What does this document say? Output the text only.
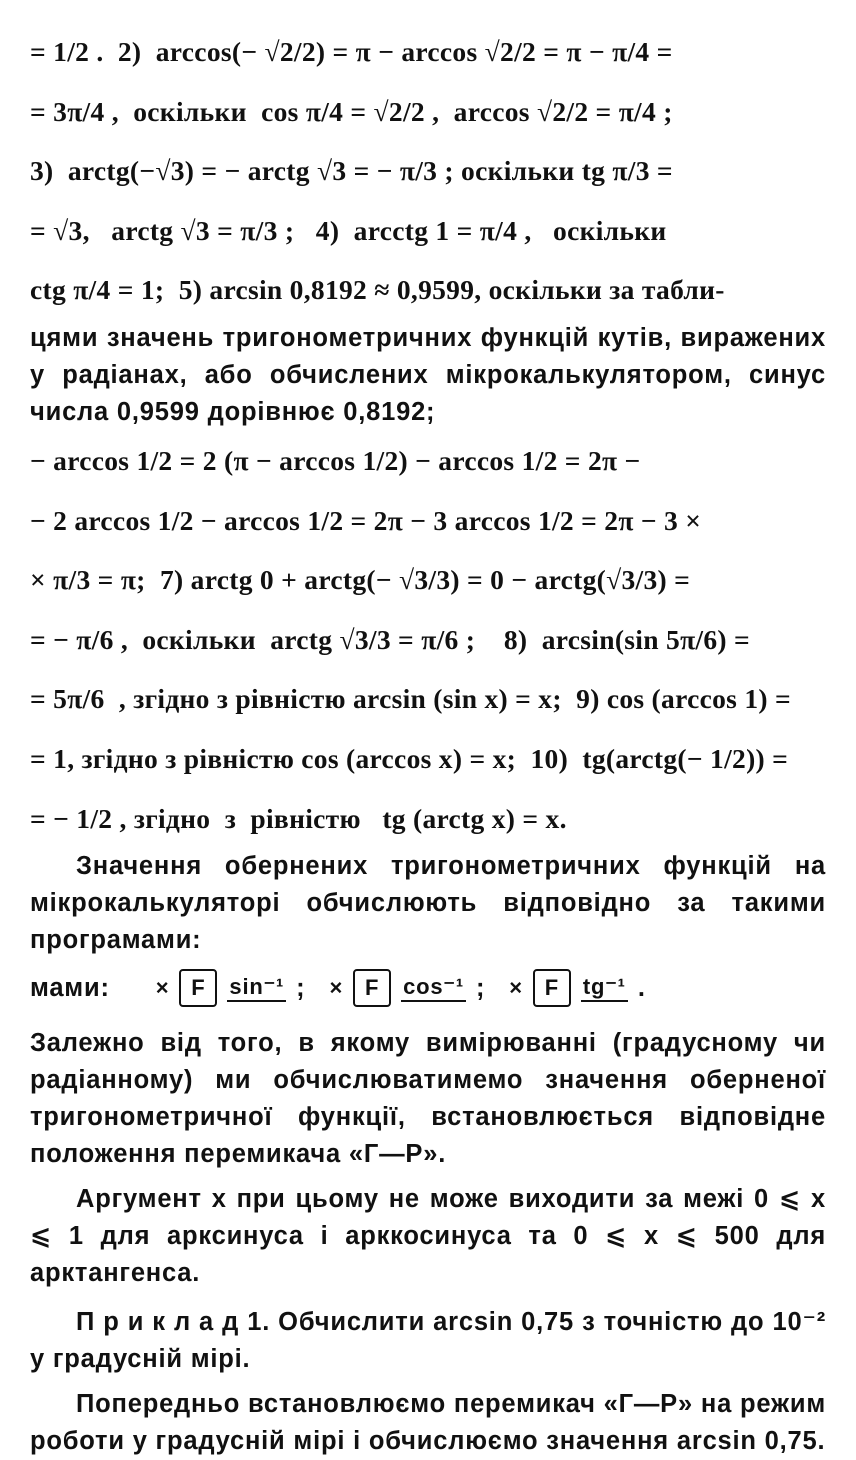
= 1/2 .  2)  arccos(− √2/2) = π − arccos √2/2 = π − π/4 =
= 3π/4 ,  оскільки  cos π/4 = √2/2 ,  arccos √2/2 = π/4 ;
3)  arctg(−√3) = − arctg √3 = − π/3 ; оскільки tg π/3 =
= √3,   arctg √3 = π/3 ;   4)  arcctg 1 = π/4 ,   оскільки
ctg π/4 = 1;  5) arcsin 0,8192 ≈ 0,9599, оскільки за табли-

цями значень тригонометричних функцій кутів, виражених у радіанах, або обчислених мікрокалькулятором, синус числа 0,9599 дорівнює 0,8192;

− arccos 1/2 = 2 (π − arccos 1/2) − arccos 1/2 = 2π −
− 2 arccos 1/2 − arccos 1/2 = 2π − 3 arccos 1/2 = 2π − 3 ×
× π/3 = π;  7) arctg 0 + arctg(− √3/3) = 0 − arctg(√3/3) =
= − π/6 ,  оскільки  arctg √3/3 = π/6 ;    8)  arcsin(sin 5π/6) =
= 5π/6  , згідно з рівністю arcsin (sin x) = x;  9) cos (arccos 1) =
= 1, згідно з рівністю cos (arccos x) = x;  10)  tg(arctg(− 1/2)) =
= − 1/2 , згідно  з  рівністю   tg (arctg x) = x.

Значення обернених тригонометричних функцій на мікрокалькуляторі обчислюють відповідно за такими програмами:

мами: × F	sin⁻¹ ; × F	cos⁻¹ ; × F	tg⁻¹ .

Залежно від того, в якому вимірюванні (градусному чи радіанному) ми обчислюватимемо значення оберненої тригонометричної функції, встановлюється відповідне положення перемикача «Г—Р».

Аргумент x при цьому не може виходити за межі 0 ⩽ x ⩽ 1 для арксинуса і арккосинуса та 0 ⩽ x ⩽ 500 для арктангенса.

П р и к л а д 1. Обчислити arcsin 0,75 з точністю до 10⁻² у градусній мірі.

Попередньо встановлюємо перемикач «Г—Р» на режим роботи у градусній мірі і обчислюємо значення arcsin 0,75.
